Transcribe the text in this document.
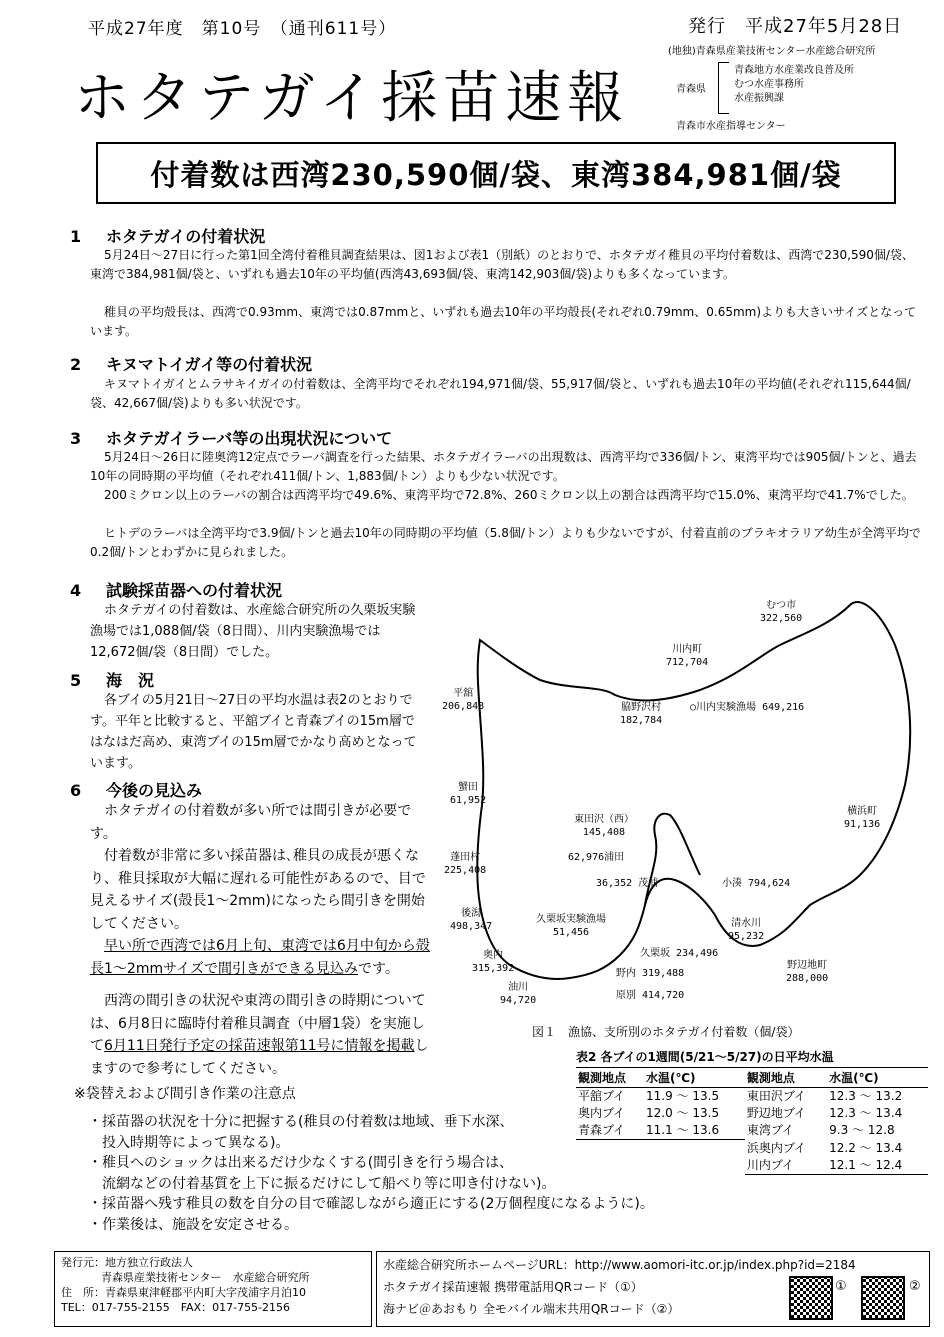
平成27年度　第10号　（通刊611号）	発行　平成27年5月28日
ホタテガイ採苗速報
(地独)青森県産業技術センター水産総合研究所
青森県
青森地方水産業改良普及所
むつ水産事務所
水産振興課
青森市水産指導センター
付着数は西湾230,590個/袋、東湾384,981個/袋
1 ホタテガイの付着状況

5月24日～27日に行った第1回全湾付着稚貝調査結果は、図1および表1（別紙）のとおりで、ホタテガイ稚貝の平均付着数は、西湾で230,590個/袋、東湾で384,981個/袋と、いずれも過去10年の平均値(西湾43,693個/袋、東湾142,903個/袋)よりも多くなっています。

稚貝の平均殻長は、西湾で0.93mm、東湾では0.87mmと、いずれも過去10年の平均殻長(それぞれ0.79mm、0.65mm)よりも大きいサイズとなっています。

2 キヌマトイガイ等の付着状況

キヌマトイガイとムラサキイガイの付着数は、全湾平均でそれぞれ194,971個/袋、55,917個/袋と、いずれも過去10年の平均値(それぞれ115,644個/袋、42,667個/袋)よりも多い状況です。

3 ホタテガイラーバ等の出現状況について

5月24日～26日に陸奥湾12定点でラーバ調査を行った結果、ホタテガイラーバの出現数は、西湾平均で336個/トン、東湾平均では905個/トンと、過去10年の同時期の平均値（それぞれ411個/トン、1,883個/トン）よりも少ない状況です。

200ミクロン以上のラーバの割合は西湾平均で49.6%、東湾平均で72.8%、260ミクロン以上の割合は西湾平均で15.0%、東湾平均で41.7%でした。

ヒトデのラーバは全湾平均で3.9個/トンと過去10年の同時期の平均値（5.8個/トン）よりも少ないですが、付着直前のブラキオラリア幼生が全湾平均で0.2個/トンとわずかに見られました。

4 試験採苗器への付着状況

ホタテガイの付着数は、水産総合研究所の久栗坂実験漁場では1,088個/袋（8日間）、川内実験漁場では12,672個/袋（8日間）でした。

5 海　況

各ブイの5月21日～27日の平均水温は表2のとおりです。平年と比較すると、平舘ブイと青森ブイの15m層ではなはだ高め、東湾ブイの15m層でかなり高めとなっています。

6 今後の見込み

ホタテガイの付着数が多い所では間引きが必要です。

付着数が非常に多い採苗器は､稚貝の成長が悪くなり、稚貝採取が大幅に遅れる可能性があるので、目で見えるサイズ(殻長1～2mm)になったら間引きを開始してください。

早い所で西湾では6月上旬、東湾では6月中旬から殻長1～2mmサイズで間引きができる見込みです。

西湾の間引きの状況や東湾の間引きの時期については、6月8日に臨時付着稚貝調査（中層1袋）を実施して6月11日発行予定の採苗速報第11号に情報を掲載しますので参考にしてください。

※袋替えおよび間引き作業の注意点
・採苗器の状況を十分に把握する(稚貝の付着数は地域、垂下水深、
投入時期等によって異なる)。
・稚貝へのショックは出来るだけ少なくする(間引きを行う場合は、
流網などの付着基質を上下に振るだけにして船べり等に叩き付けない)。
・採苗器へ残す稚貝の数を自分の目で確認しながら適正にする(2万個程度になるように)。
・作業後は、施設を安定させる。
むつ市
322,560
川内町
712,704
平舘
206,848	脇野沢村
182,784
○川内実験漁場 649,216
蟹田
61,952
横浜町
91,136
東田沢（西）
145,408
62,976浦田
蓬田村
225,408
36,352 茂浦	小湊 794,624
後潟
498,347
久栗坂実験漁場
51,456
清水川
95,232
奥内
315,392
久栗坂 234,496
野辺地町
288,000
野内 319,488
油川
94,720	原別 414,720
図１　漁協、支所別のホタテガイ付着数（個/袋）
表2 各ブイの1週間(5/21～5/27)の日平均水温
観測地点	水温(℃)	観測地点	水温(℃)
平舘ブイ	11.9 ～ 13.5	東田沢ブイ	12.3 ～ 13.2
奥内ブイ	12.0 ～ 13.5	野辺地ブイ	12.3 ～ 13.4
青森ブイ	11.1 ～ 13.6	東湾ブイ	9.3 ～ 12.8
		浜奥内ブイ	12.2 ～ 13.4
		川内ブイ	12.1 ～ 12.4
発行元：地方独立行政法人
青森県産業技術センター　水産総合研究所
住　所：青森県東津軽郡平内町大字茂浦字月泊10
TEL：017-755-2155　FAX：017-755-2156
水産総合研究所ホームページURL：http://www.aomori-itc.or.jp/index.php?id=2184
ホタテガイ採苗速報 携帯電話用QRコード（①）
海ナビ＠あおもり 全モバイル端末共用QRコード（②）
①	②
